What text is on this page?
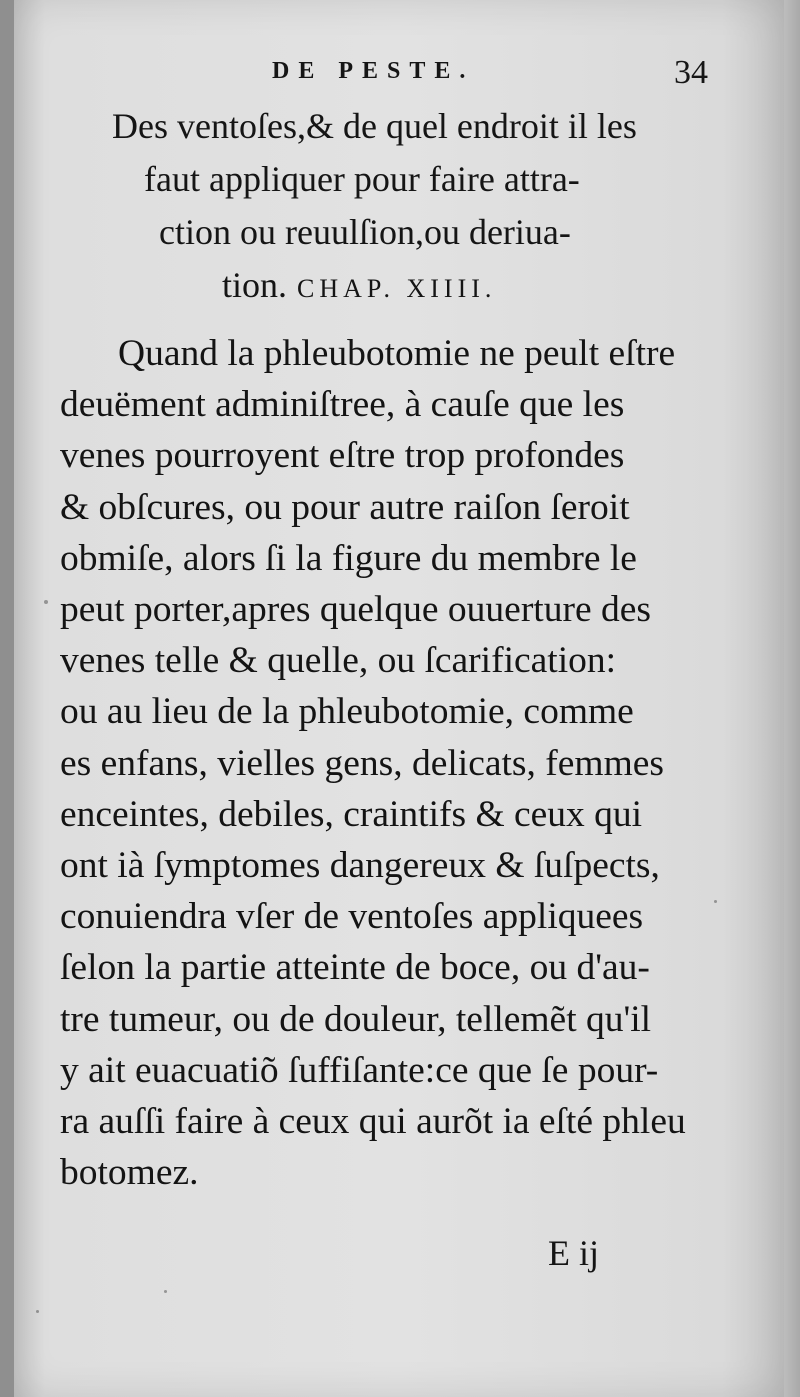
DE PESTE.	34
Des ventoſes,& de quel endroit il les
faut appliquer pour faire attra-
ction ou reuulſion,ou deriua-
tion. CHAP. XIIII.
Quand la phleubotomie ne peult eſtre
deuëment adminiſtree, à cauſe que les
venes pourroyent eſtre trop profondes
& obſcures, ou pour autre raiſon ſeroit
obmiſe, alors ſi la figure du membre le
peut porter,apres quelque ouuerture des
venes telle & quelle, ou ſcarification:
ou au lieu de la phleubotomie, comme
es enfans, vielles gens, delicats, femmes
enceintes, debiles, craintifs & ceux qui
ont ià ſymptomes dangereux & ſuſpects,
conuiendra vſer de ventoſes appliquees
ſelon la partie atteinte de boce, ou d'au-
tre tumeur, ou de douleur, tellemẽt qu'il
y ait euacuatiõ ſuffiſante:ce que ſe pour-
ra auſſi faire à ceux qui aurõt ia eſté phleu
botomez.
E ij
